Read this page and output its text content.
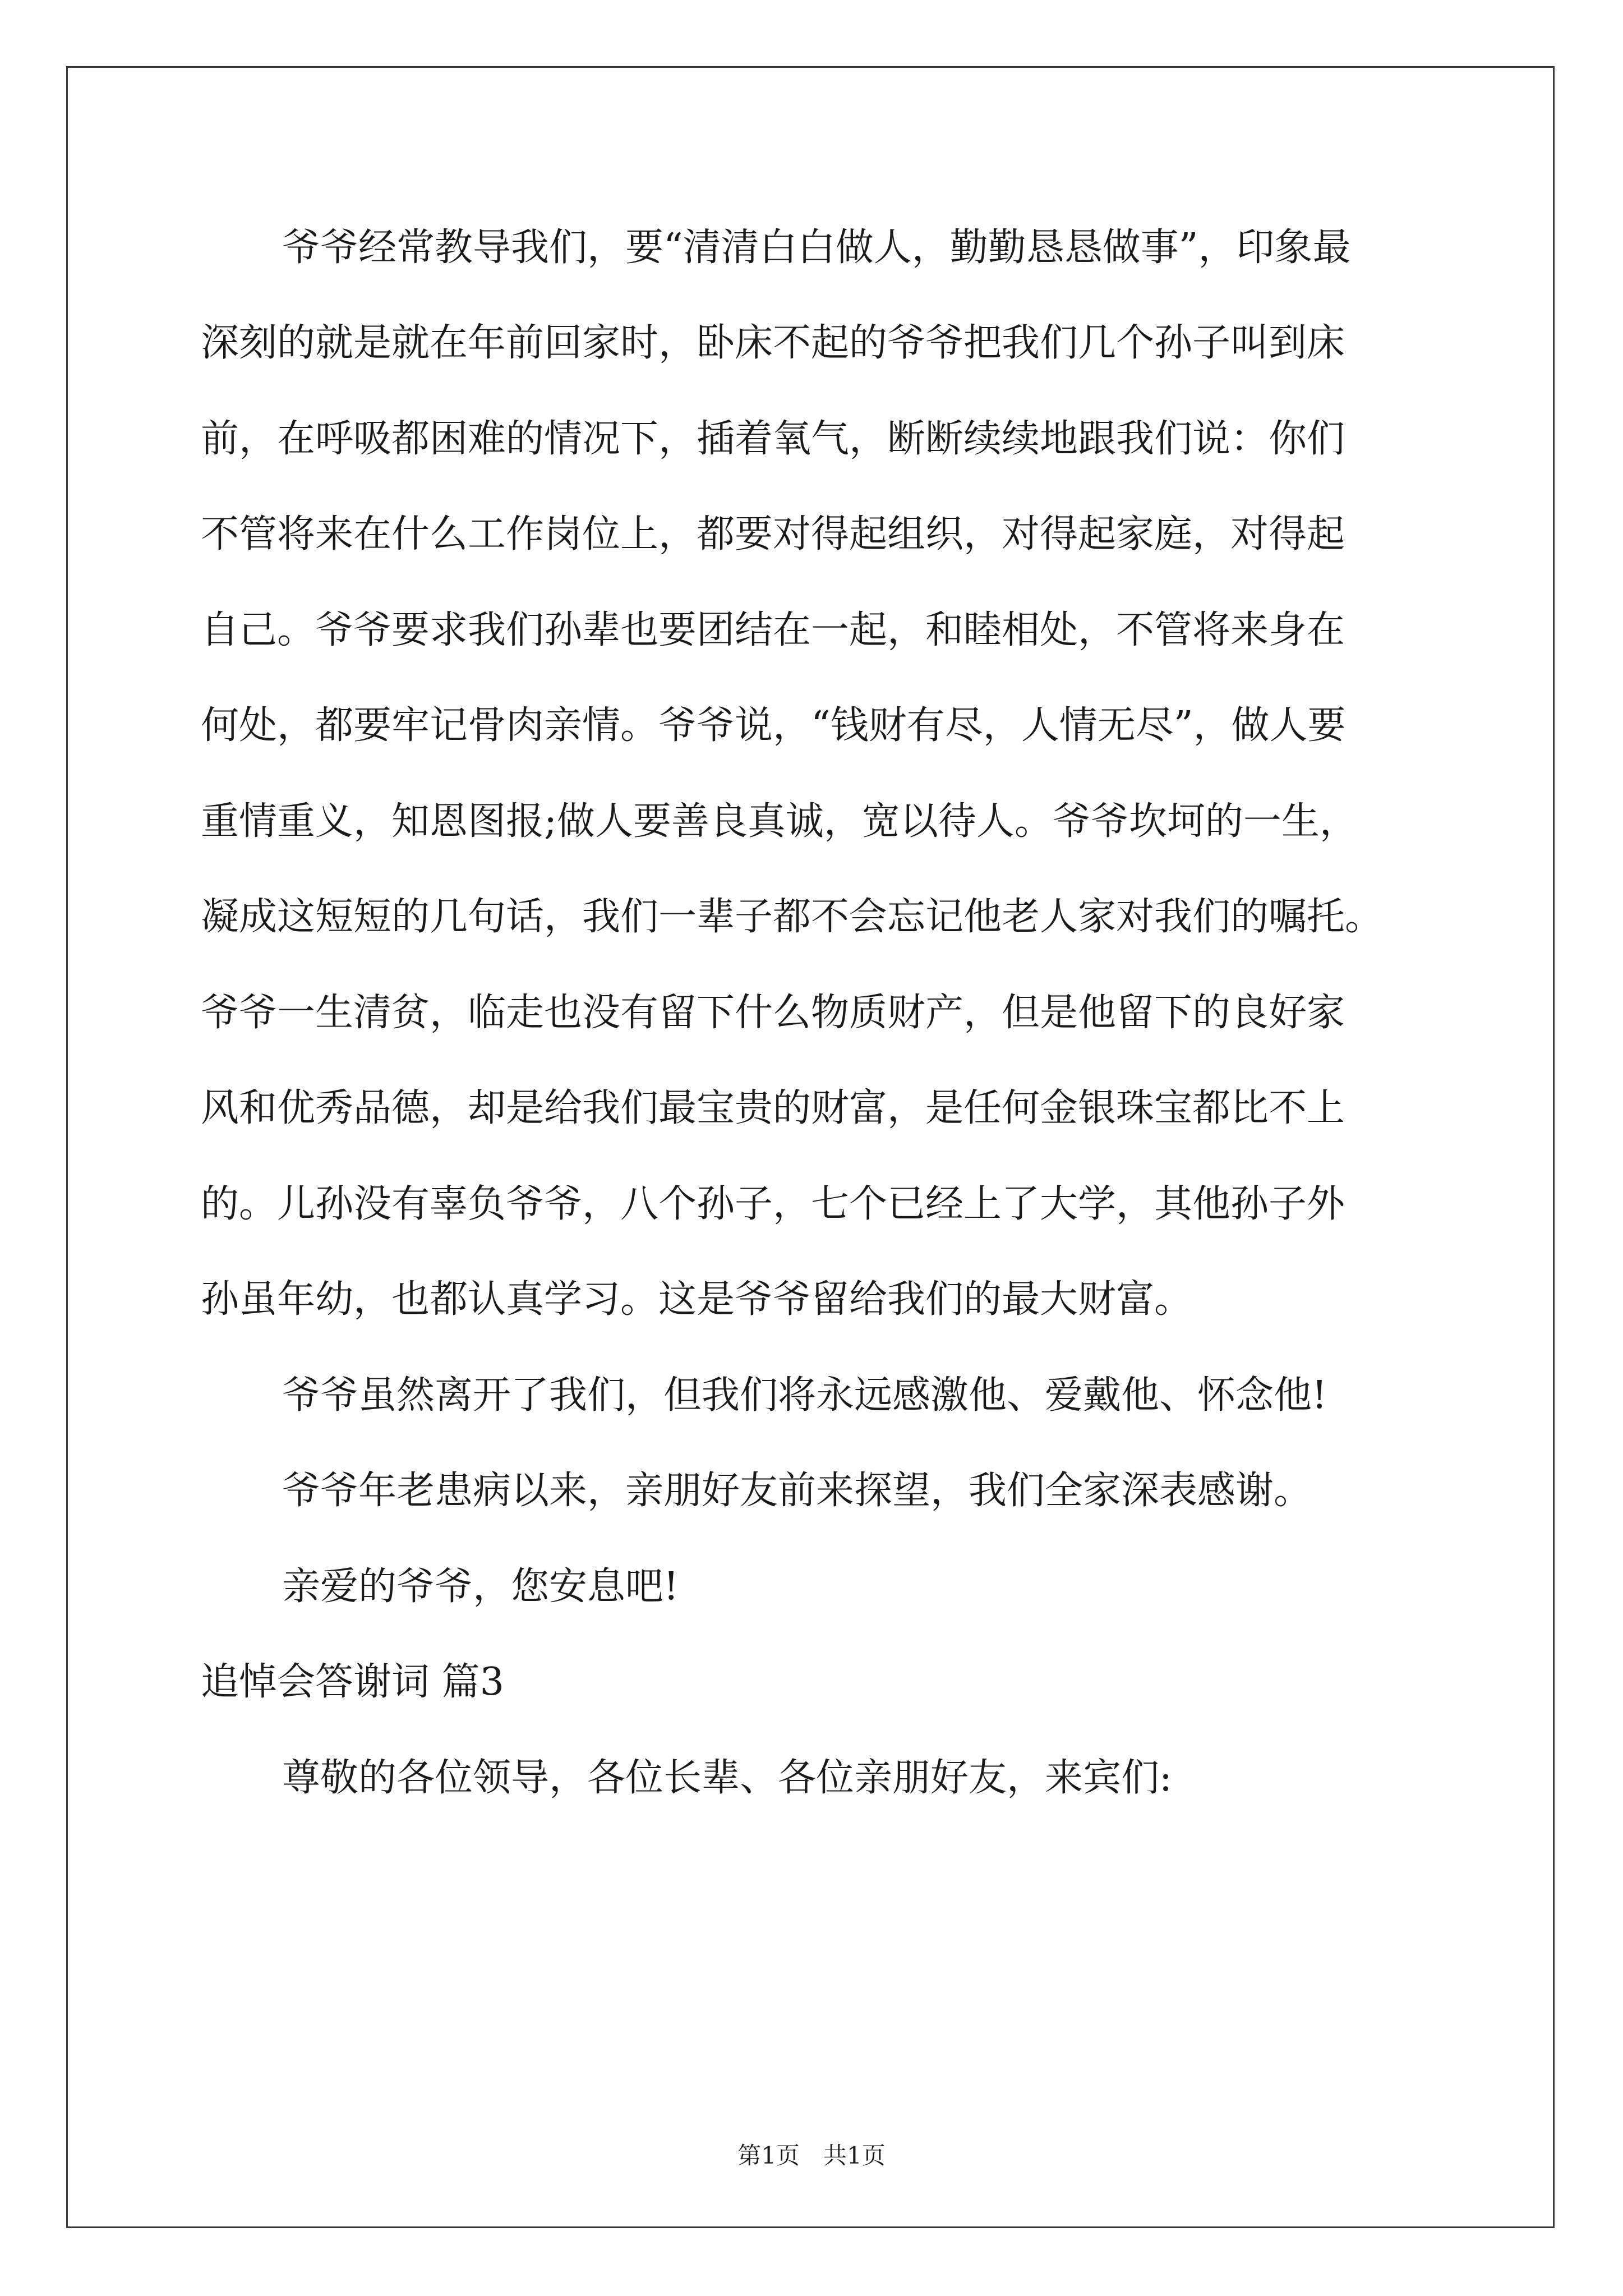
爷爷经常教导我们，要“清清白白做人，勤勤恳恳做事”，印象最

深刻的就是就在年前回家时，卧床不起的爷爷把我们几个孙子叫到床

前，在呼吸都困难的情况下，插着氧气，断断续续地跟我们说：你们

不管将来在什么工作岗位上，都要对得起组织，对得起家庭，对得起

自己。爷爷要求我们孙辈也要团结在一起，和睦相处，不管将来身在

何处，都要牢记骨肉亲情。爷爷说，“钱财有尽，人情无尽”，做人要

重情重义，知恩图报;做人要善良真诚，宽以待人。爷爷坎坷的一生，

凝成这短短的几句话，我们一辈子都不会忘记他老人家对我们的嘱托。

爷爷一生清贫，临走也没有留下什么物质财产，但是他留下的良好家

风和优秀品德，却是给我们最宝贵的财富，是任何金银珠宝都比不上

的。儿孙没有辜负爷爷，八个孙子，七个已经上了大学，其他孙子外

孙虽年幼，也都认真学习。这是爷爷留给我们的最大财富。

爷爷虽然离开了我们，但我们将永远感激他、爱戴他、怀念他!

爷爷年老患病以来，亲朋好友前来探望，我们全家深表感谢。

亲爱的爷爷，您安息吧!

追悼会答谢词 篇3

尊敬的各位领导，各位长辈、各位亲朋好友，来宾们:

第1页　共1页
